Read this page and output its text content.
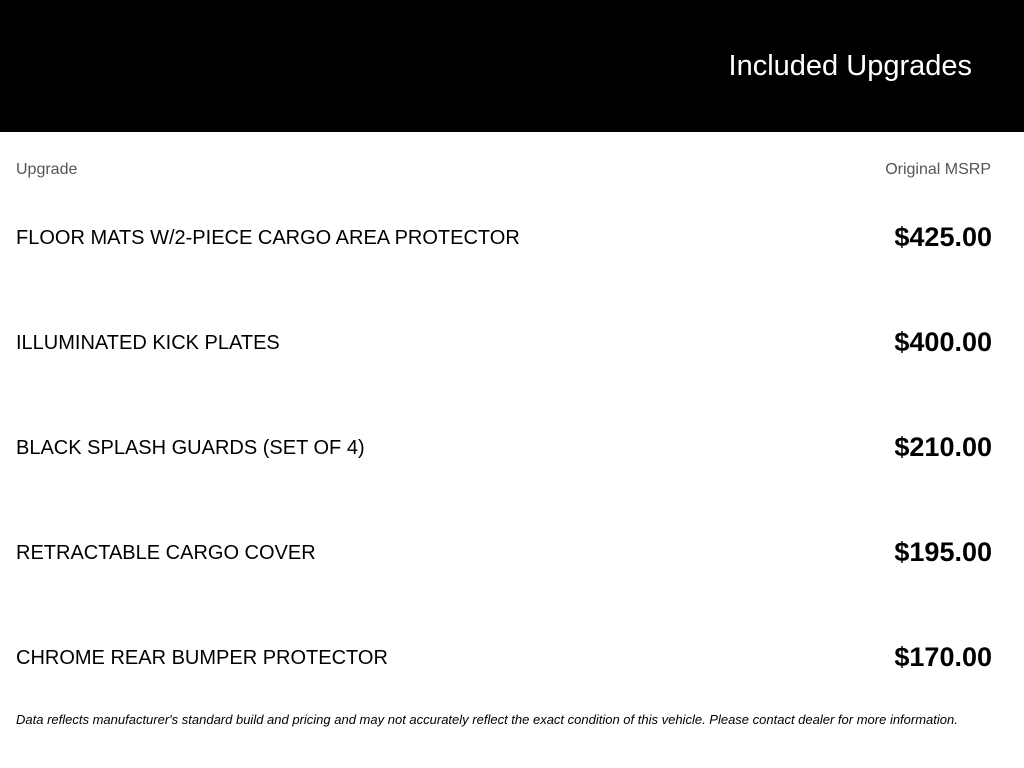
Included Upgrades
Upgrade	Original MSRP
FLOOR MATS W/2-PIECE CARGO AREA PROTECTOR	$425.00
ILLUMINATED KICK PLATES	$400.00
BLACK SPLASH GUARDS (SET OF 4)	$210.00
RETRACTABLE CARGO COVER	$195.00
CHROME REAR BUMPER PROTECTOR	$170.00

Data reflects manufacturer's standard build and pricing and may not accurately reflect the exact condition of this vehicle. Please contact dealer for more information.
